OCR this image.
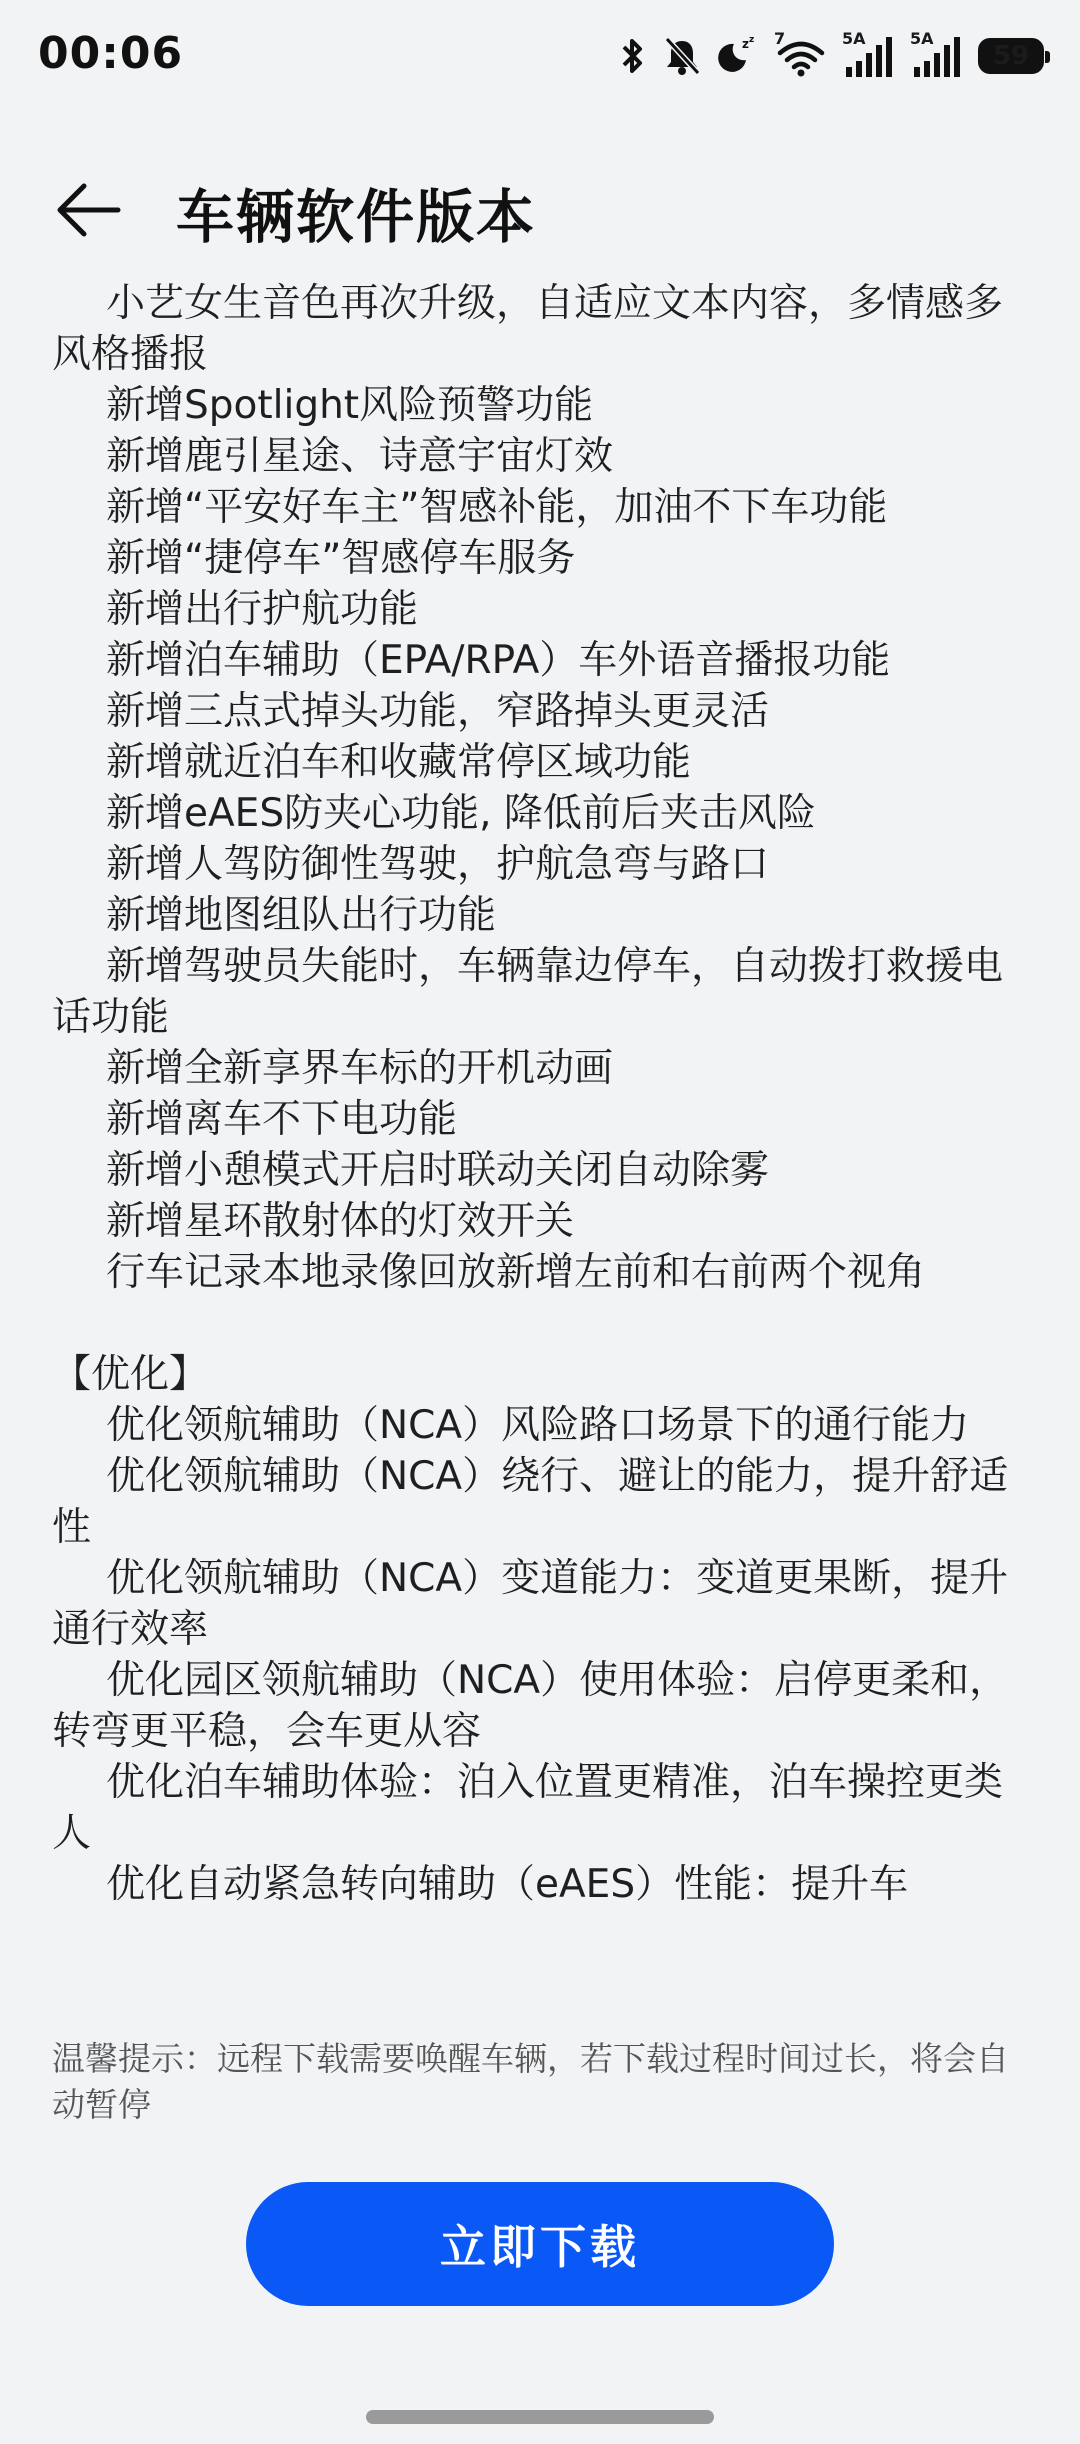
00:06	z z 7	5A	5A
59
车辆软件版本

小艺女生音色再次升级，自适应文本内容，多情感多风格播报

新增Spotlight风险预警功能

新增鹿引星途、诗意宇宙灯效

新增“平安好车主”智感补能，加油不下车功能

新增“捷停车”智感停车服务

新增出行护航功能

新增泊车辅助（EPA/RPA）车外语音播报功能

新增三点式掉头功能，窄路掉头更灵活

新增就近泊车和收藏常停区域功能

新增eAES防夹心功能, 降低前后夹击风险

新增人驾防御性驾驶，护航急弯与路口

新增地图组队出行功能

新增驾驶员失能时，车辆靠边停车，自动拨打救援电话功能

新增全新享界车标的开机动画

新增离车不下电功能

新增小憩模式开启时联动关闭自动除雾

新增星环散射体的灯效开关

行车记录本地录像回放新增左前和右前两个视角

【优化】

优化领航辅助（NCA）风险路口场景下的通行能力

优化领航辅助（NCA）绕行、避让的能力，提升舒适性

优化领航辅助（NCA）变道能力：变道更果断，提升通行效率

优化园区领航辅助（NCA）使用体验：启停更柔和，转弯更平稳，会车更从容

优化泊车辅助体验：泊入位置更精准，泊车操控更类人

优化自动紧急转向辅助（eAES）性能：提升车

温馨提示：远程下载需要唤醒车辆，若下载过程时间过长，将会自动暂停
立即下载
